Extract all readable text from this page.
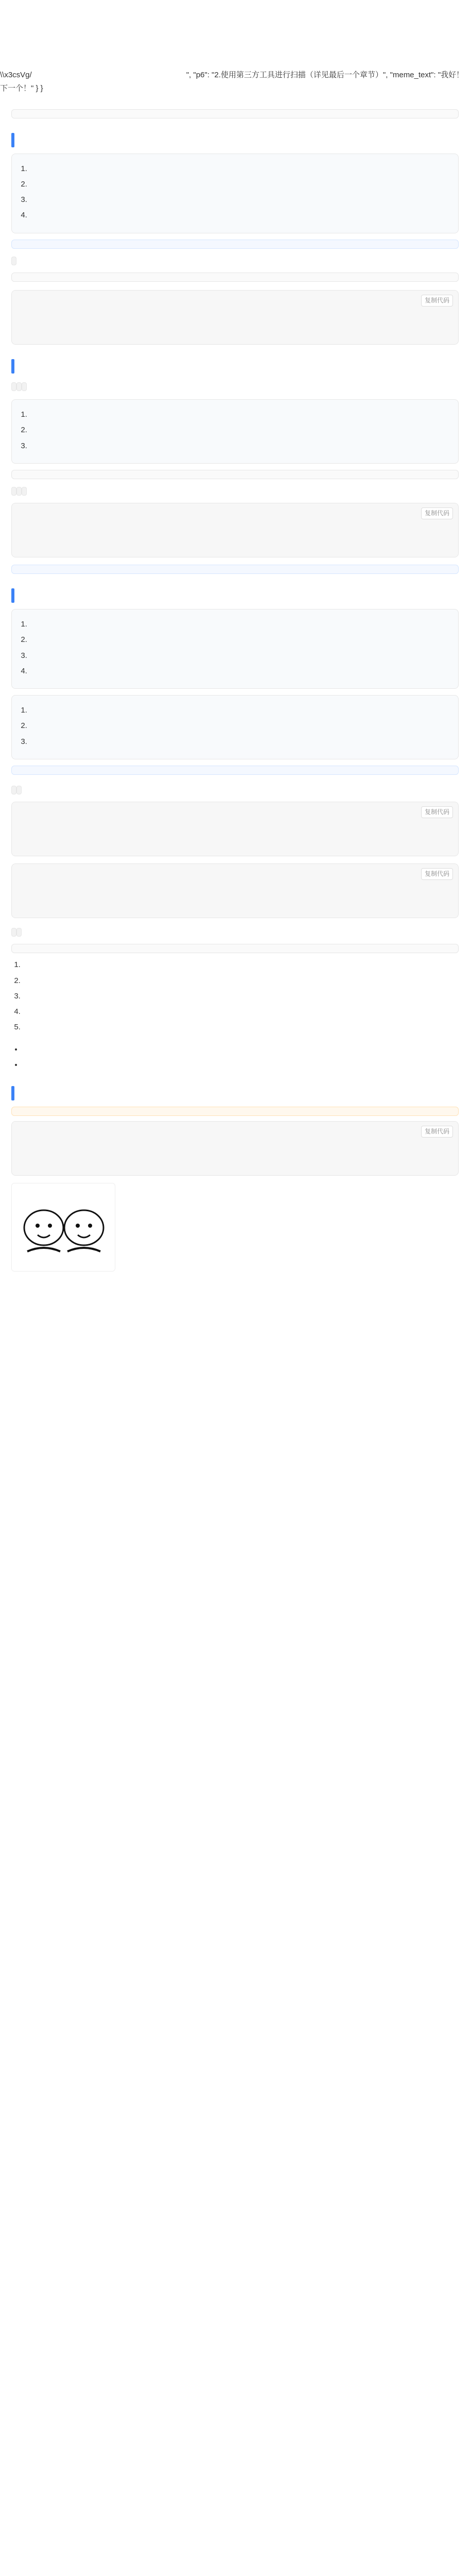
\\x3csVg/	", "p6": "2.使用第三方工具进行扫描（详见最后一个章节）", "meme_text": "我好！下一个！" } }

1.
2.
3.
4.

复制代码

1.
2.
3.

复制代码

1.
2.
3.
4.

1.
2.
3.

复制代码

复制代码

1.
2.
3.
4.
5.

•
•

复制代码
